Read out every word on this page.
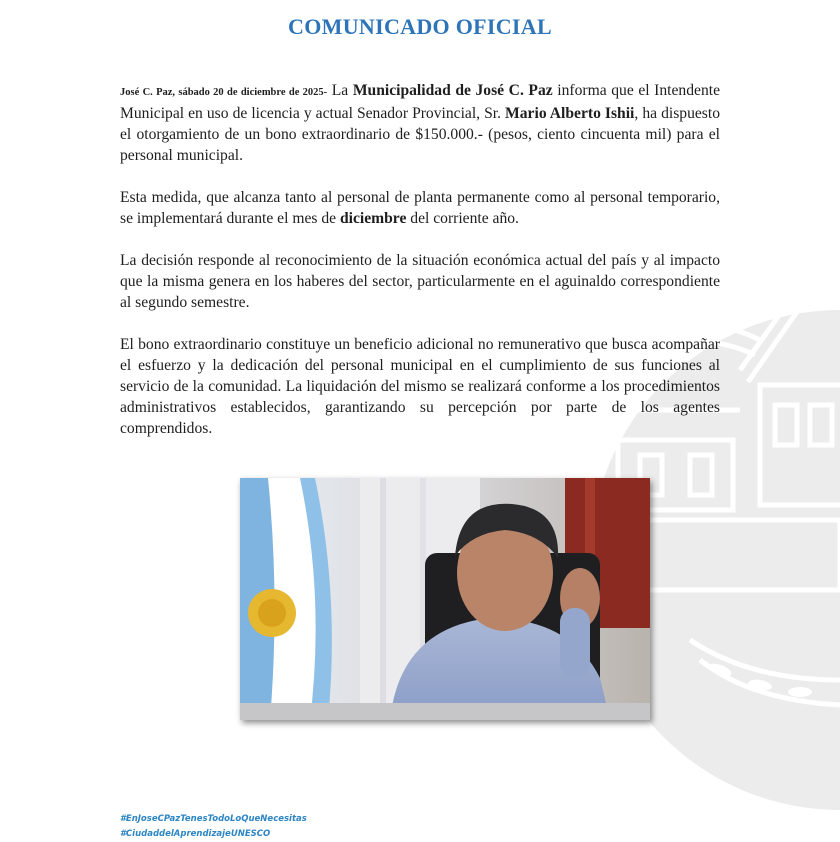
COMUNICADO OFICIAL

José C. Paz, sábado 20 de diciembre de 2025- La Municipalidad de José C. Paz informa que el Intendente Municipal en uso de licencia y actual Senador Provincial, Sr. Mario Alberto Ishii, ha dispuesto el otorgamiento de un bono extraordinario de $150.000.- (pesos, ciento cincuenta mil) para el personal municipal.

Esta medida, que alcanza tanto al personal de planta permanente como al personal temporario, se implementará durante el mes de diciembre del corriente año.

La decisión responde al reconocimiento de la situación económica actual del país y al impacto que la misma genera en los haberes del sector, particularmente en el aguinaldo correspondiente al segundo semestre.

El bono extraordinario constituye un beneficio adicional no remunerativo que busca acompañar el esfuerzo y la dedicación del personal municipal en el cumplimiento de sus funciones al servicio de la comunidad. La liquidación del mismo se realizará conforme a los procedimientos administrativos establecidos, garantizando su percepción por parte de los agentes comprendidos.

#EnJoseCPazTenesTodoLoQueNecesitas
#CiudaddelAprendizajeUNESCO
